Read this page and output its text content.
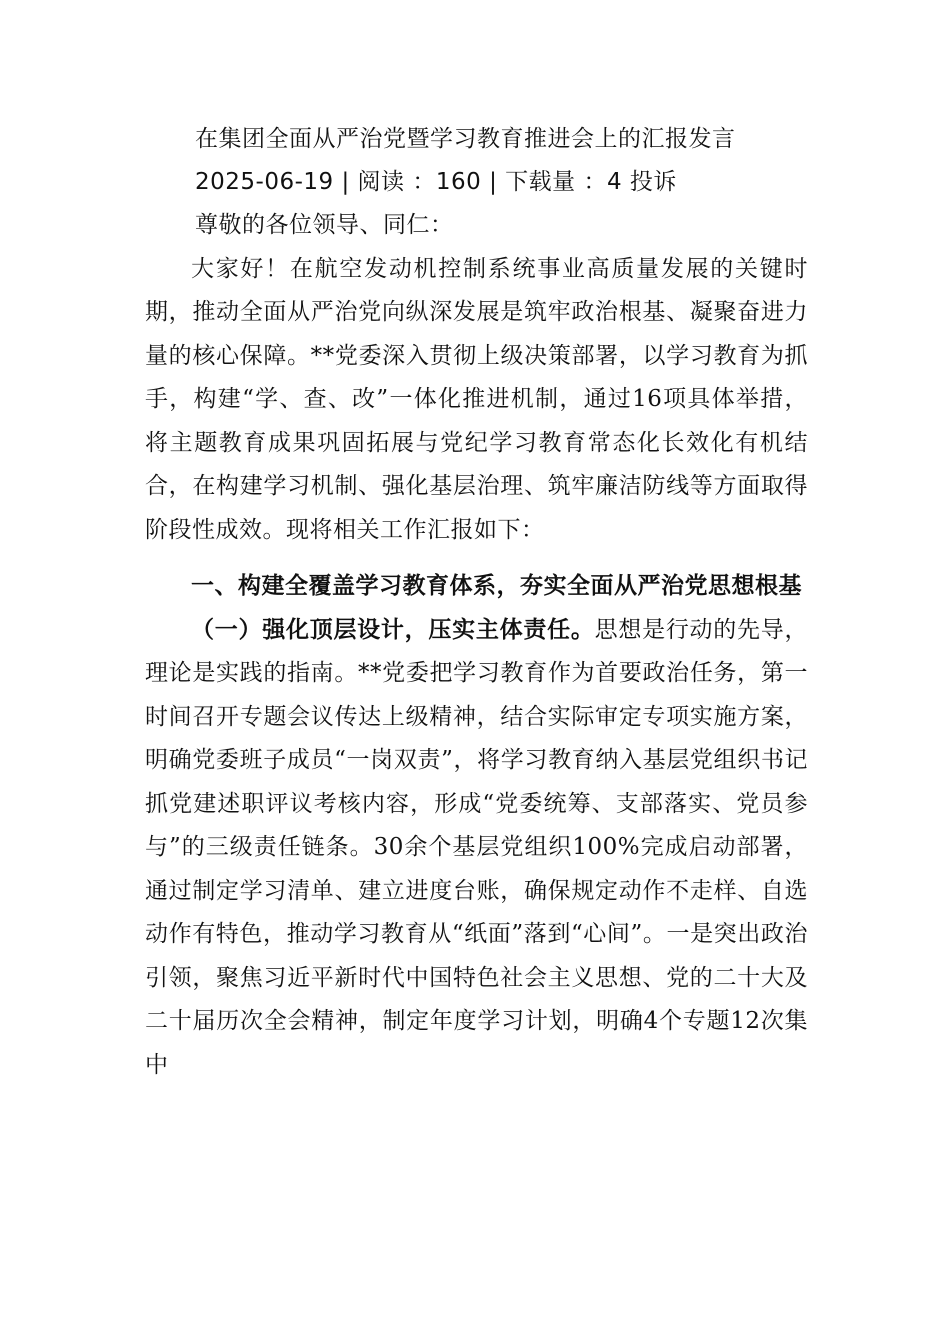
在集团全面从严治党暨学习教育推进会上的汇报发言
2025-06-19 | 阅读 ：160 | 下载量 ：4 投诉

尊敬的各位领导、同仁：

大家好！在航空发动机控制系统事业高质量发展的关键时期，推动全面从严治党向纵深发展是筑牢政治根基、凝聚奋进力量的核心保障。**党委深入贯彻上级决策部署，以学习教育为抓手，构建“学、查、改”一体化推进机制，通过16项具体举措，将主题教育成果巩固拓展与党纪学习教育常态化长效化有机结合，在构建学习机制、强化基层治理、筑牢廉洁防线等方面取得阶段性成效。现将相关工作汇报如下：

一、构建全覆盖学习教育体系，夯实全面从严治党思想根基

（一）强化顶层设计，压实主体责任。思想是行动的先导，理论是实践的指南。**党委把学习教育作为首要政治任务，第一时间召开专题会议传达上级精神，结合实际审定专项实施方案，明确党委班子成员“一岗双责”，将学习教育纳入基层党组织书记抓党建述职评议考核内容，形成“党委统筹、支部落实、党员参与”的三级责任链条。30余个基层党组织100%完成启动部署，通过制定学习清单、建立进度台账，确保规定动作不走样、自选动作有特色，推动学习教育从“纸面”落到“心间”。一是突出政治引领，聚焦习近平新时代中国特色社会主义思想、党的二十大及二十届历次全会精神，制定年度学习计划，明确4个专题12次集中
